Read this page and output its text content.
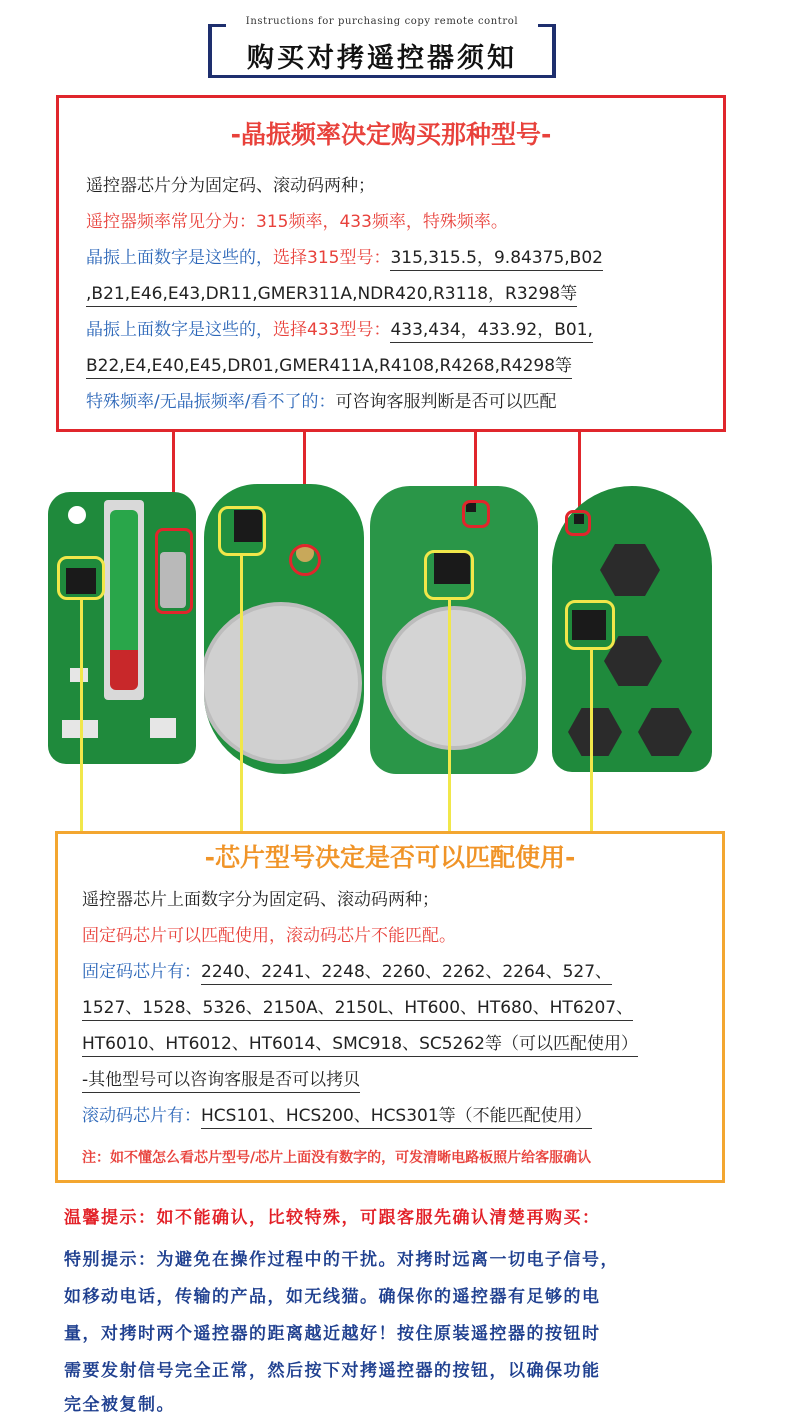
Instructions for purchasing copy remote control
购买对拷遥控器须知
-晶振频率决定购买那种型号-
遥控器芯片分为固定码、滚动码两种；
遥控器频率常见分为：315频率，433频率，特殊频率。
晶振上面数字是这些的，选择315型号：315,315.5，9.84375,B02
,B21,E46,E43,DR11,GMER311A,NDR420,R3118，R3298等
晶振上面数字是这些的，选择433型号：433,434，433.92，B01,
B22,E4,E40,E45,DR01,GMER411A,R4108,R4268,R4298等
特殊频率/无晶振频率/看不了的：可咨询客服判断是否可以匹配
-芯片型号决定是否可以匹配使用-
遥控器芯片上面数字分为固定码、滚动码两种；
固定码芯片可以匹配使用，滚动码芯片不能匹配。
固定码芯片有：2240、2241、2248、2260、2262、2264、527、
1527、1528、5326、2150A、2150L、HT600、HT680、HT6207、
HT6010、HT6012、HT6014、SMC918、SC5262等（可以匹配使用）
-其他型号可以咨询客服是否可以拷贝
滚动码芯片有：HCS101、HCS200、HCS301等（不能匹配使用）
注：如不懂怎么看芯片型号/芯片上面没有数字的，可发清晰电路板照片给客服确认
温馨提示：如不能确认，比较特殊，可跟客服先确认清楚再购买：
特别提示：为避免在操作过程中的干扰。对拷时远离一切电子信号，
如移动电话，传输的产品，如无线猫。确保你的遥控器有足够的电
量，对拷时两个遥控器的距离越近越好！按住原装遥控器的按钮时
需要发射信号完全正常，然后按下对拷遥控器的按钮，以确保功能
完全被复制。
